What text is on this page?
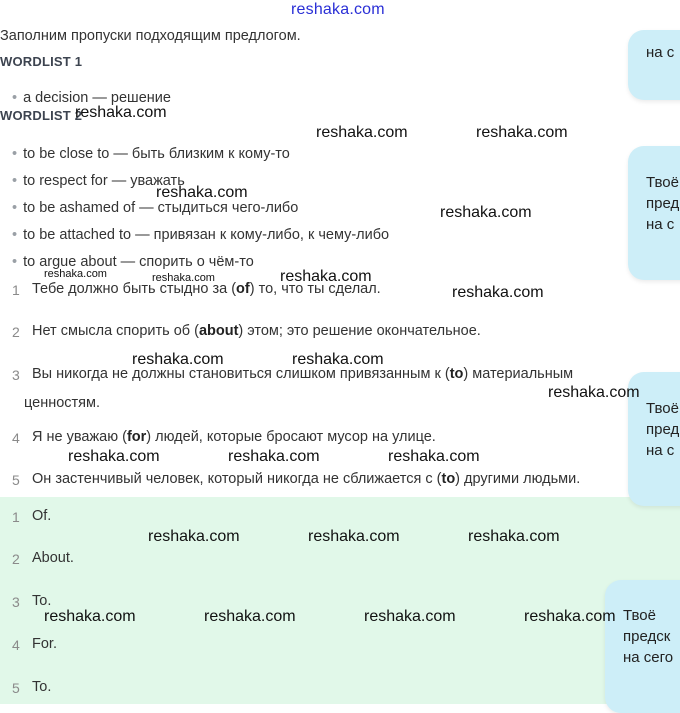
reshaka.com
Заполним пропуски подходящим предлогом.
WORDLIST 1
• a decision — решение
WORDLIST 2
• to be close to — быть близким к кому-то
• to respect for — уважать
• to be ashamed of — стыдиться чего-либо
• to be attached to — привязан к кому-либо, к чему-либо
• to argue about — спорить о чём-то
1 Тебе должно быть стыдно за (of) то, что ты сделал.
2 Нет смысла спорить об (about) этом; это решение окончательное.
3 Вы никогда не должны становиться слишком привязанным к (to) материальным
ценностям.
4 Я не уважаю (for) людей, которые бросают мусор на улице.
5 Он застенчивый человек, который никогда не сближается с (to) другими людьми.
1 Of.
2 About.
3 To.
4 For.
5 To.
на с
Твоё
пред
на с
Твоё
пред
на с
Твоё
предск
на сего
reshaka.com
reshaka.com	reshaka.com
reshaka.com
reshaka.com
reshaka.com	reshaka.com	reshaka.com
reshaka.com
reshaka.com	reshaka.com
reshaka.com
reshaka.com	reshaka.com	reshaka.com
reshaka.com	reshaka.com	reshaka.com
reshaka.com	reshaka.com	reshaka.com	reshaka.com
